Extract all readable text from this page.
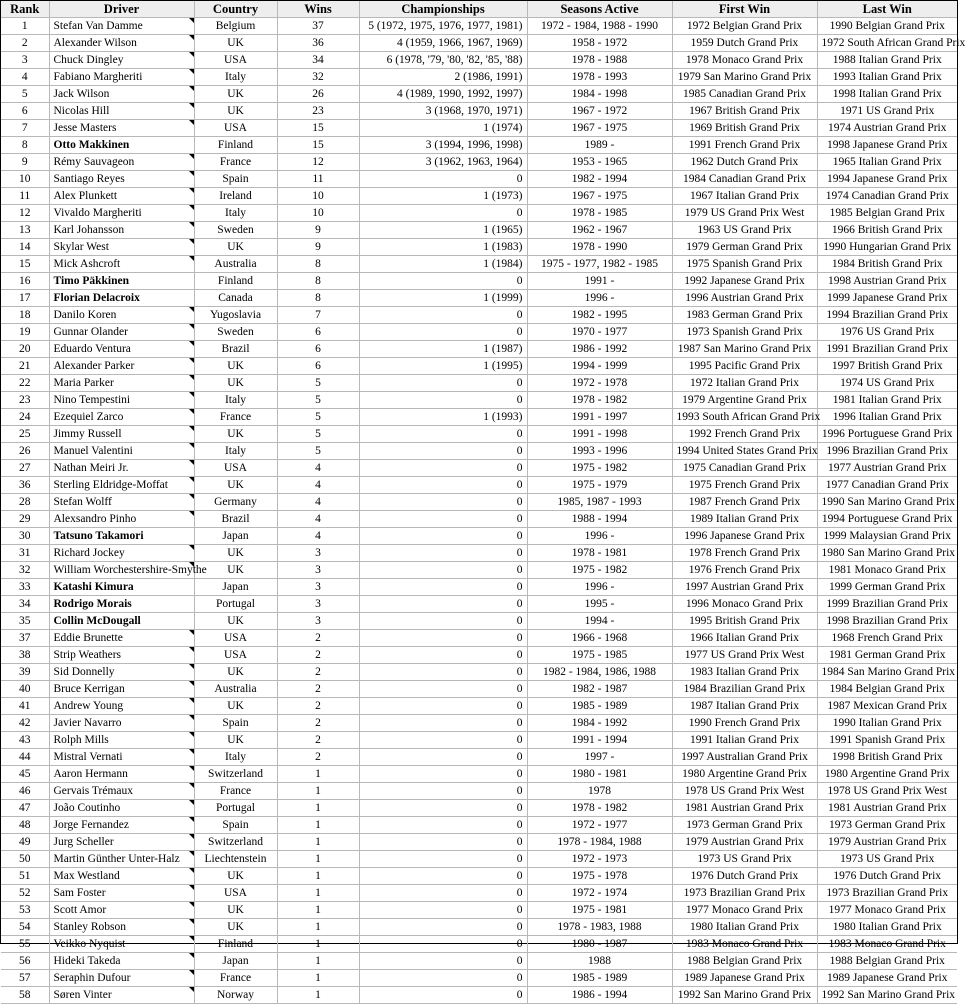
Rank	Driver	Country	Wins	Championships	Seasons Active	First Win	Last Win
1	Stefan Van Damme	Belgium	37	5 (1972, 1975, 1976, 1977, 1981)	1972 - 1984, 1988 - 1990	1972 Belgian Grand Prix	1990 Belgian Grand Prix
2	Alexander Wilson	UK	36	4 (1959, 1966, 1967, 1969)	1958 - 1972	1959 Dutch Grand Prix	1972 South African Grand Prix
3	Chuck Dingley	USA	34	6 (1978, '79, '80, '82, '85, '88)	1978 - 1988	1978 Monaco Grand Prix	1988 Italian Grand Prix
4	Fabiano Margheriti	Italy	32	2 (1986, 1991)	1978 - 1993	1979 San Marino Grand Prix	1993 Italian Grand Prix
5	Jack Wilson	UK	26	4 (1989, 1990, 1992, 1997)	1984 - 1998	1985 Canadian Grand Prix	1998 Italian Grand Prix
6	Nicolas Hill	UK	23	3 (1968, 1970, 1971)	1967 - 1972	1967 British Grand Prix	1971 US Grand Prix
7	Jesse Masters	USA	15	1 (1974)	1967 - 1975	1969 British Grand Prix	1974 Austrian Grand Prix
8	Otto Makkinen	Finland	15	3 (1994, 1996, 1998)	1989 -	1991 French Grand Prix	1998 Japanese Grand Prix
9	Rémy Sauvageon	France	12	3 (1962, 1963, 1964)	1953 - 1965	1962 Dutch Grand Prix	1965 Italian Grand Prix
10	Santiago Reyes	Spain	11	0	1982 - 1994	1984 Canadian Grand Prix	1994 Japanese Grand Prix
11	Alex Plunkett	Ireland	10	1 (1973)	1967 - 1975	1967 Italian Grand Prix	1974 Canadian Grand Prix
12	Vivaldo Margheriti	Italy	10	0	1978 - 1985	1979 US Grand Prix West	1985 Belgian Grand Prix
13	Karl Johansson	Sweden	9	1 (1965)	1962 - 1967	1963 US Grand Prix	1966 British Grand Prix
14	Skylar West	UK	9	1 (1983)	1978 - 1990	1979 German Grand Prix	1990 Hungarian Grand Prix
15	Mick Ashcroft	Australia	8	1 (1984)	1975 - 1977, 1982 - 1985	1975 Spanish Grand Prix	1984 British Grand Prix
16	Timo Päkkinen	Finland	8	0	1991 -	1992 Japanese Grand Prix	1998 Austrian Grand Prix
17	Florian Delacroix	Canada	8	1 (1999)	1996 -	1996 Austrian Grand Prix	1999 Japanese Grand Prix
18	Danilo Koren	Yugoslavia	7	0	1982 - 1995	1983 German Grand Prix	1994 Brazilian Grand Prix
19	Gunnar Olander	Sweden	6	0	1970 - 1977	1973 Spanish Grand Prix	1976 US Grand Prix
20	Eduardo Ventura	Brazil	6	1 (1987)	1986 - 1992	1987 San Marino Grand Prix	1991 Brazilian Grand Prix
21	Alexander Parker	UK	6	1 (1995)	1994 - 1999	1995 Pacific Grand Prix	1997 British Grand Prix
22	Maria Parker	UK	5	0	1972 - 1978	1972 Italian Grand Prix	1974 US Grand Prix
23	Nino Tempestini	Italy	5	0	1978 - 1982	1979 Argentine Grand Prix	1981 Italian Grand Prix
24	Ezequiel Zarco	France	5	1 (1993)	1991 - 1997	1993 South African Grand Prix	1996 Italian Grand Prix
25	Jimmy Russell	UK	5	0	1991 - 1998	1992 French Grand Prix	1996 Portuguese Grand Prix
26	Manuel Valentini	Italy	5	0	1993 - 1996	1994 United States Grand Prix	1996 Brazilian Grand Prix
27	Nathan Meiri Jr.	USA	4	0	1975 - 1982	1975 Canadian Grand Prix	1977 Austrian Grand Prix
36	Sterling Eldridge-Moffat	UK	4	0	1975 - 1979	1975 French Grand Prix	1977 Canadian Grand Prix
28	Stefan Wolff	Germany	4	0	1985, 1987 - 1993	1987 French Grand Prix	1990 San Marino Grand Prix
29	Alexsandro Pinho	Brazil	4	0	1988 - 1994	1989 Italian Grand Prix	1994 Portuguese Grand Prix
30	Tatsuno Takamori	Japan	4	0	1996 -	1996 Japanese Grand Prix	1999 Malaysian Grand Prix
31	Richard Jockey	UK	3	0	1978 - 1981	1978 French Grand Prix	1980 San Marino Grand Prix
32	William Worchestershire-Smythe	UK	3	0	1975 - 1982	1976 French Grand Prix	1981 Monaco Grand Prix
33	Katashi Kimura	Japan	3	0	1996 -	1997 Austrian Grand Prix	1999 German Grand Prix
34	Rodrigo Morais	Portugal	3	0	1995 -	1996 Monaco Grand Prix	1999 Brazilian Grand Prix
35	Collin McDougall	UK	3	0	1994 -	1995 British Grand Prix	1998 Brazilian Grand Prix
37	Eddie Brunette	USA	2	0	1966 - 1968	1966 Italian Grand Prix	1968 French Grand Prix
38	Strip Weathers	USA	2	0	1975 - 1985	1977 US Grand Prix West	1981 German Grand Prix
39	Sid Donnelly	UK	2	0	1982 - 1984, 1986, 1988	1983 Italian Grand Prix	1984 San Marino Grand Prix
40	Bruce Kerrigan	Australia	2	0	1982 - 1987	1984 Brazilian Grand Prix	1984 Belgian Grand Prix
41	Andrew Young	UK	2	0	1985 - 1989	1987 Italian Grand Prix	1987 Mexican Grand Prix
42	Javier Navarro	Spain	2	0	1984 - 1992	1990 French Grand Prix	1990 Italian Grand Prix
43	Rolph Mills	UK	2	0	1991 - 1994	1991 Italian Grand Prix	1991 Spanish Grand Prix
44	Mistral Vernati	Italy	2	0	1997 -	1997 Australian Grand Prix	1998 British Grand Prix
45	Aaron Hermann	Switzerland	1	0	1980 - 1981	1980 Argentine Grand Prix	1980 Argentine Grand Prix
46	Gervais Trémaux	France	1	0	1978	1978 US Grand Prix West	1978 US Grand Prix West
47	João Coutinho	Portugal	1	0	1978 - 1982	1981 Austrian Grand Prix	1981 Austrian Grand Prix
48	Jorge Fernandez	Spain	1	0	1972 - 1977	1973 German Grand Prix	1973 German Grand Prix
49	Jurg Scheller	Switzerland	1	0	1978 - 1984, 1988	1979 Austrian Grand Prix	1979 Austrian Grand Prix
50	Martin Günther Unter-Halz	Liechtenstein	1	0	1972 - 1973	1973 US Grand Prix	1973 US Grand Prix
51	Max Westland	UK	1	0	1975 - 1978	1976 Dutch Grand Prix	1976 Dutch Grand Prix
52	Sam Foster	USA	1	0	1972 - 1974	1973 Brazilian Grand Prix	1973 Brazilian Grand Prix
53	Scott Amor	UK	1	0	1975 - 1981	1977 Monaco Grand Prix	1977 Monaco Grand Prix
54	Stanley Robson	UK	1	0	1978 - 1983, 1988	1980 Italian Grand Prix	1980 Italian Grand Prix
55	Veikko Nyquist	Finland	1	0	1980 - 1987	1983 Monaco Grand Prix	1983 Monaco Grand Prix
56	Hideki Takeda	Japan	1	0	1988	1988 Belgian Grand Prix	1988 Belgian Grand Prix
57	Seraphin Dufour	France	1	0	1985 - 1989	1989 Japanese Grand Prix	1989 Japanese Grand Prix
58	Søren Vinter	Norway	1	0	1986 - 1994	1992 San Marino Grand Prix	1992 San Marino Grand Prix
